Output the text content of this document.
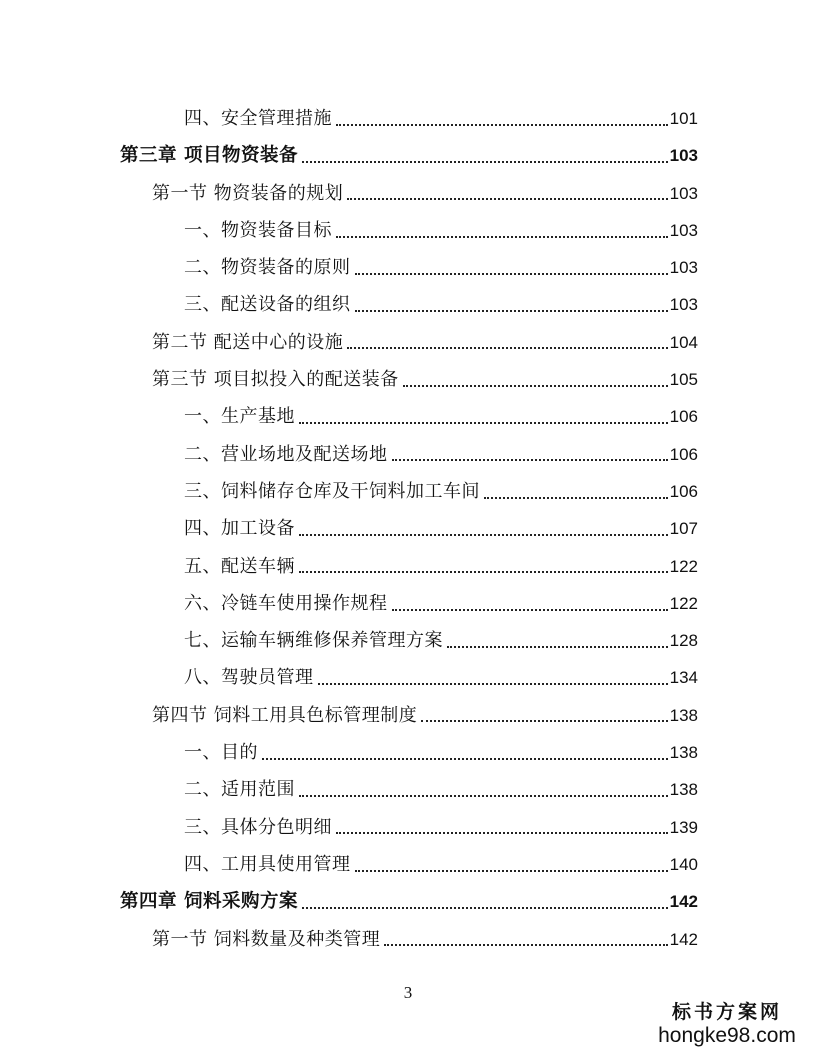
四、安全管理措施	101
第三章 项目物资装备	103
第一节 物资装备的规划	103
一、物资装备目标	103
二、物资装备的原则	103
三、配送设备的组织	103
第二节 配送中心的设施	104
第三节 项目拟投入的配送装备	105
一、生产基地	106
二、营业场地及配送场地	106
三、饲料储存仓库及干饲料加工车间	106
四、加工设备	107
五、配送车辆	122
六、冷链车使用操作规程	122
七、运输车辆维修保养管理方案	128
八、驾驶员管理	134
第四节 饲料工用具色标管理制度	138
一、目的	138
二、适用范围	138
三、具体分色明细	139
四、工用具使用管理	140
第四章 饲料采购方案	142
第一节 饲料数量及种类管理	142
3
标书方案网
hongke98.com
